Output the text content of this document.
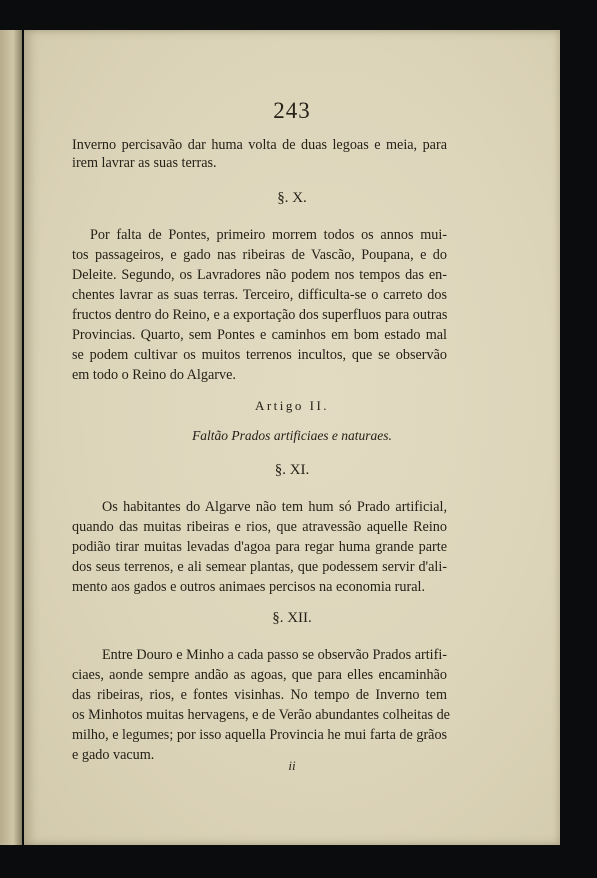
243
Inverno percisavão dar huma volta de duas legoas e meia, para
irem lavrar as suas terras.
§. X.
Por falta de Pontes, primeiro morrem todos os annos mui-
tos passageiros, e gado nas ribeiras de Vascão, Poupana, e do
Deleite. Segundo, os Lavradores não podem nos tempos das en-
chentes lavrar as suas terras. Terceiro, difficulta-se o carreto dos
fructos dentro do Reino, e a exportação dos superfluos para outras
Provincias. Quarto, sem Pontes e caminhos em bom estado mal
se podem cultivar os muitos terrenos incultos, que se observão
em todo o Reino do Algarve.
Artigo II.
Faltão Prados artificiaes e naturaes.
§. XI.
Os habitantes do Algarve não tem hum só Prado artificial,
quando das muitas ribeiras e rios, que atravessão aquelle Reino
podião tirar muitas levadas d'agoa para regar huma grande parte
dos seus terrenos, e ali semear plantas, que podessem servir d'ali-
mento aos gados e outros animaes percisos na economia rural.
§. XII.
Entre Douro e Minho a cada passo se observão Prados artifi-
ciaes, aonde sempre andão as agoas, que para elles encaminhão
das ribeiras, rios, e fontes visinhas. No tempo de Inverno tem
os Minhotos muitas hervagens, e de Verão abundantes colheitas de
milho, e legumes; por isso aquella Provincia he mui farta de grãos
e gado vacum.
ii
